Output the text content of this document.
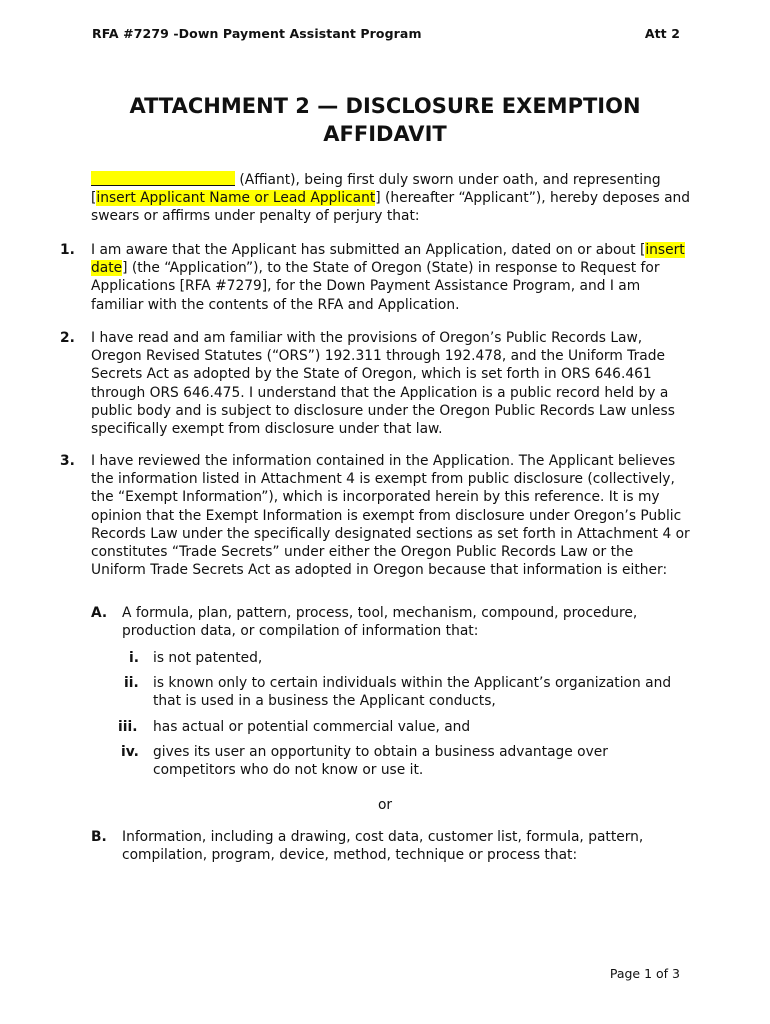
RFA #7279 -Down Payment Assistant Program	Att 2
ATTACHMENT 2 — DISCLOSURE EXEMPTION
AFFIDAVIT
(Affiant), being first duly sworn under oath, and representing [insert Applicant Name or Lead Applicant] (hereafter “Applicant”), hereby deposes and swears or affirms under penalty of perjury that:
1. I am aware that the Applicant has submitted an Application, dated on or about [insert date] (the “Application”), to the State of Oregon (State) in response to Request for Applications [RFA #7279], for the Down Payment Assistance Program, and I am familiar with the contents of the RFA and Application.
2. I have read and am familiar with the provisions of Oregon’s Public Records Law, Oregon Revised Statutes (“ORS”) 192.311 through 192.478, and the Uniform Trade Secrets Act as adopted by the State of Oregon, which is set forth in ORS 646.461 through ORS 646.475. I understand that the Application is a public record held by a public body and is subject to disclosure under the Oregon Public Records Law unless specifically exempt from disclosure under that law.
3. I have reviewed the information contained in the Application. The Applicant believes the information listed in Attachment 4 is exempt from public disclosure (collectively, the “Exempt Information”), which is incorporated herein by this reference. It is my opinion that the Exempt Information is exempt from disclosure under Oregon’s Public Records Law under the specifically designated sections as set forth in Attachment 4 or constitutes “Trade Secrets” under either the Oregon Public Records Law or the Uniform Trade Secrets Act as adopted in Oregon because that information is either:
A. A formula, plan, pattern, process, tool, mechanism, compound, procedure, production data, or compilation of information that:
i. is not patented,
ii. is known only to certain individuals within the Applicant’s organization and that is used in a business the Applicant conducts,
iii. has actual or potential commercial value, and
iv. gives its user an opportunity to obtain a business advantage over competitors who do not know or use it.
or
B. Information, including a drawing, cost data, customer list, formula, pattern, compilation, program, device, method, technique or process that:
Page 1 of 3
